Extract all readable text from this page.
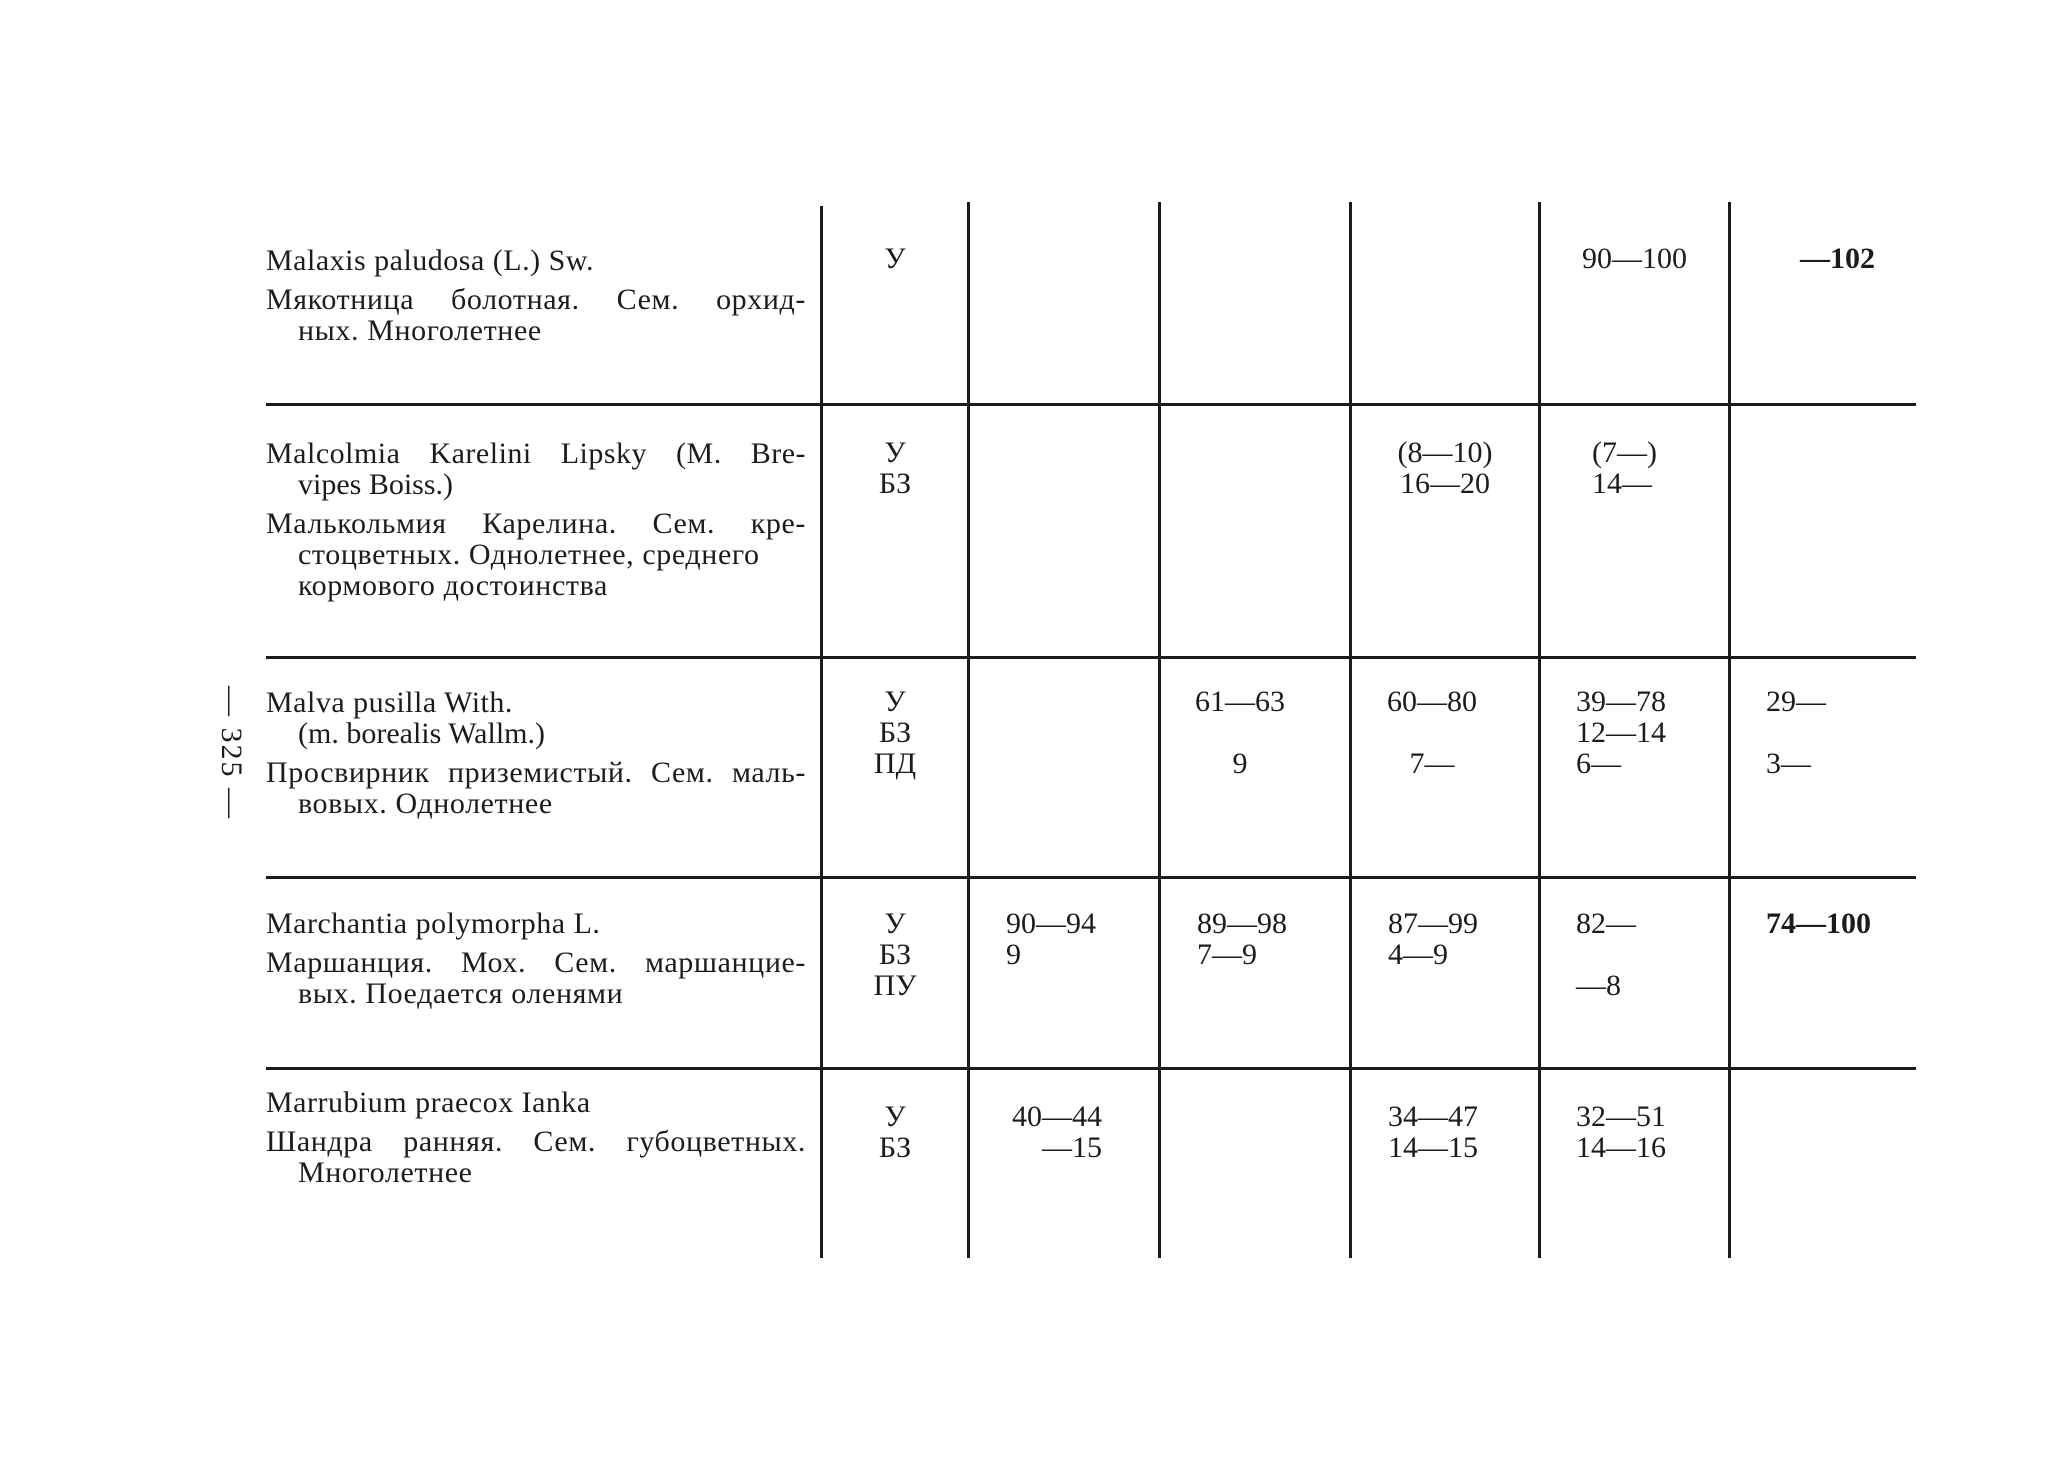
— 325 —
Malaxis paludosa (L.) Sw.
Мякотница болотная. Сем. орхид-
ных. Многолетнее
У	90—100	—102
Malcolmia Karelini Lipsky (M. Bre-
vipes Boiss.)
Малькольмия Карелина. Сем. кре-
стоцветных. Однолетнее, среднего
кормового достоинства
У
БЗ
(8—10)
16—20
(7—)
14—
Malva pusilla With.
(m. borealis Wallm.)
Просвирник приземистый. Сем. маль-
вовых. Однолетнее
У
БЗ
ПД
61—63

9
60—80

7—
39—78
12—14
6—
29—

3—
Marchantia polymorpha L.
Маршанция. Мох. Сем. маршанцие-
вых. Поедается оленями
У
БЗ
ПУ
90—94
9
89—98
7—9
87—99
4—9
82—

—8
74—100
Marrubium praecox Ianka
Шандра ранняя. Сем. губоцветных.
Многолетнее
У
БЗ
40—44
—15
34—47
14—15
32—51
14—16
